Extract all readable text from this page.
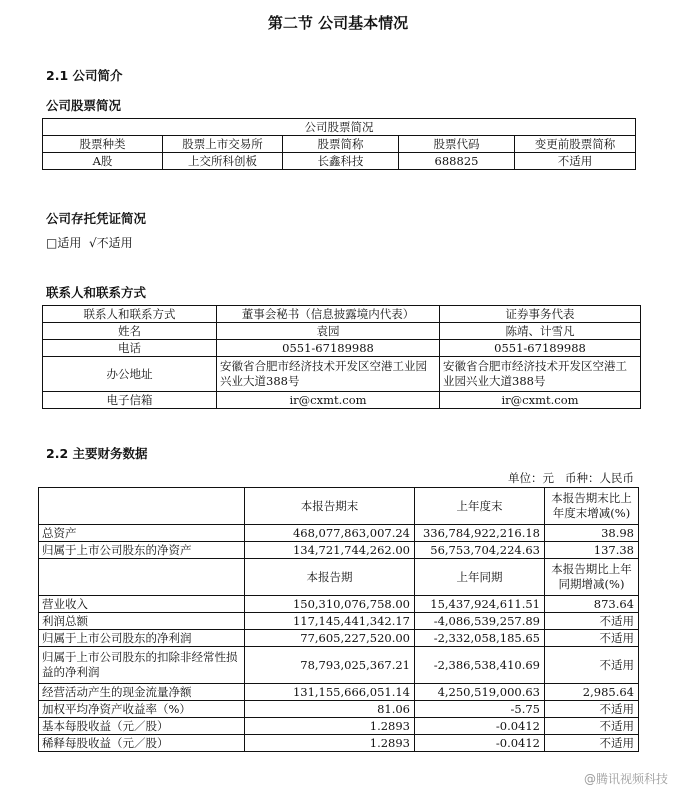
第二节 公司基本情况
2.1 公司简介
公司股票简况
公司股票简况				
股票种类	股票上市交易所	股票简称	股票代码	变更前股票简称
A股	上交所科创板	长鑫科技	688825	不适用
公司存托凭证简况
□适用  √不适用
联系人和联系方式
联系人和联系方式	董事会秘书（信息披露境内代表）	证券事务代表
姓名	袁园	陈靖、计雪凡
电话	0551-67189988	0551-67189988
办公地址	安徽省合肥市经济技术开发区空港工业园兴业大道388号	安徽省合肥市经济技术开发区空港工业园兴业大道388号
电子信箱	ir@cxmt.com	ir@cxmt.com
2.2 主要财务数据
单位：元   币种：人民币
	本报告期末	上年度末	本报告期末比上年度末增减(%)
总资产	468,077,863,007.24	336,784,922,216.18	38.98
归属于上市公司股东的净资产	134,721,744,262.00	56,753,704,224.63	137.38
	本报告期	上年同期	本报告期比上年同期增减(%)
营业收入	150,310,076,758.00	15,437,924,611.51	873.64
利润总额	117,145,441,342.17	-4,086,539,257.89	不适用
归属于上市公司股东的净利润	77,605,227,520.00	-2,332,058,185.65	不适用
归属于上市公司股东的扣除非经常性损益的净利润	78,793,025,367.21	-2,386,538,410.69	不适用
经营活动产生的现金流量净额	131,155,666,051.14	4,250,519,000.63	2,985.64
加权平均净资产收益率（%）	81.06	-5.75	不适用
基本每股收益（元／股）	1.2893	-0.0412	不适用
稀释每股收益（元／股）	1.2893	-0.0412	不适用
@腾讯视频科技
